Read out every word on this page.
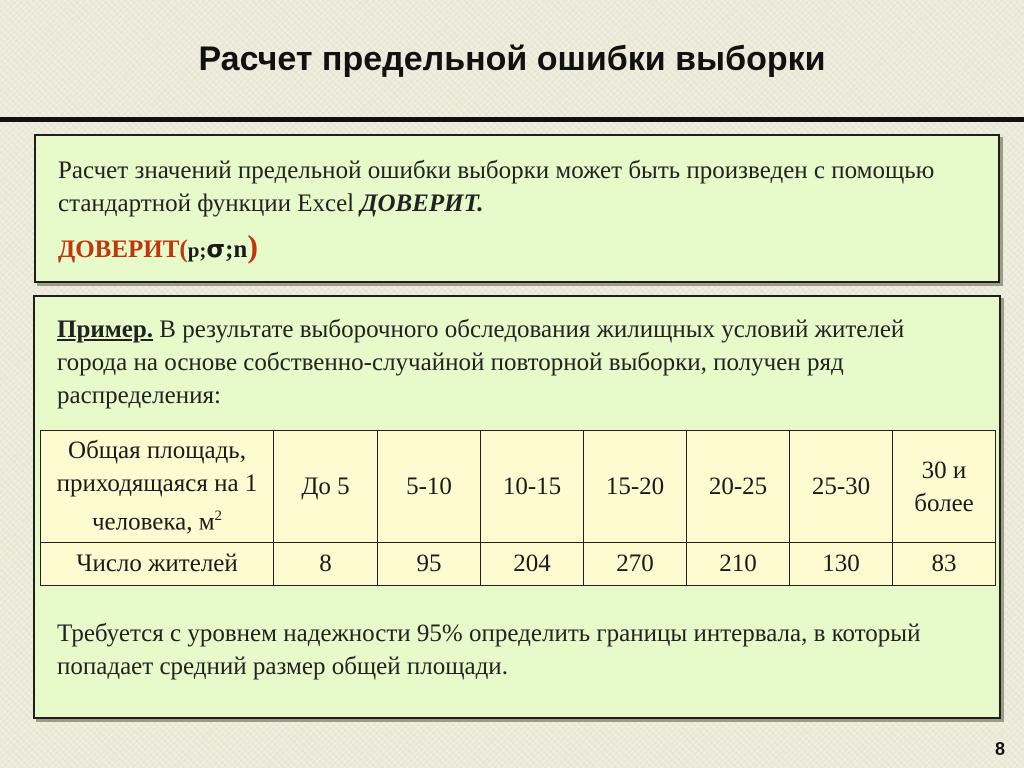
Расчет предельной ошибки выборки
Расчет значений предельной ошибки выборки может быть произведен с помощью стандартной функции Excel ДОВЕРИТ.
ДОВЕРИТ(p;σ;n)
Пример. В результате выборочного обследования жилищных условий жителей города на основе собственно-случайной повторной выборки, получен ряд распределения:
Общая площадь, приходящаяся на 1 человека, $м^2$	До 5	5-10	10-15	15-20	20-25	25-30	30 и более

Число жителей	8	95	204	270	210	130	83
Требуется с уровнем надежности 95% определить границы интервала, в который попадает средний размер общей площади.
8
